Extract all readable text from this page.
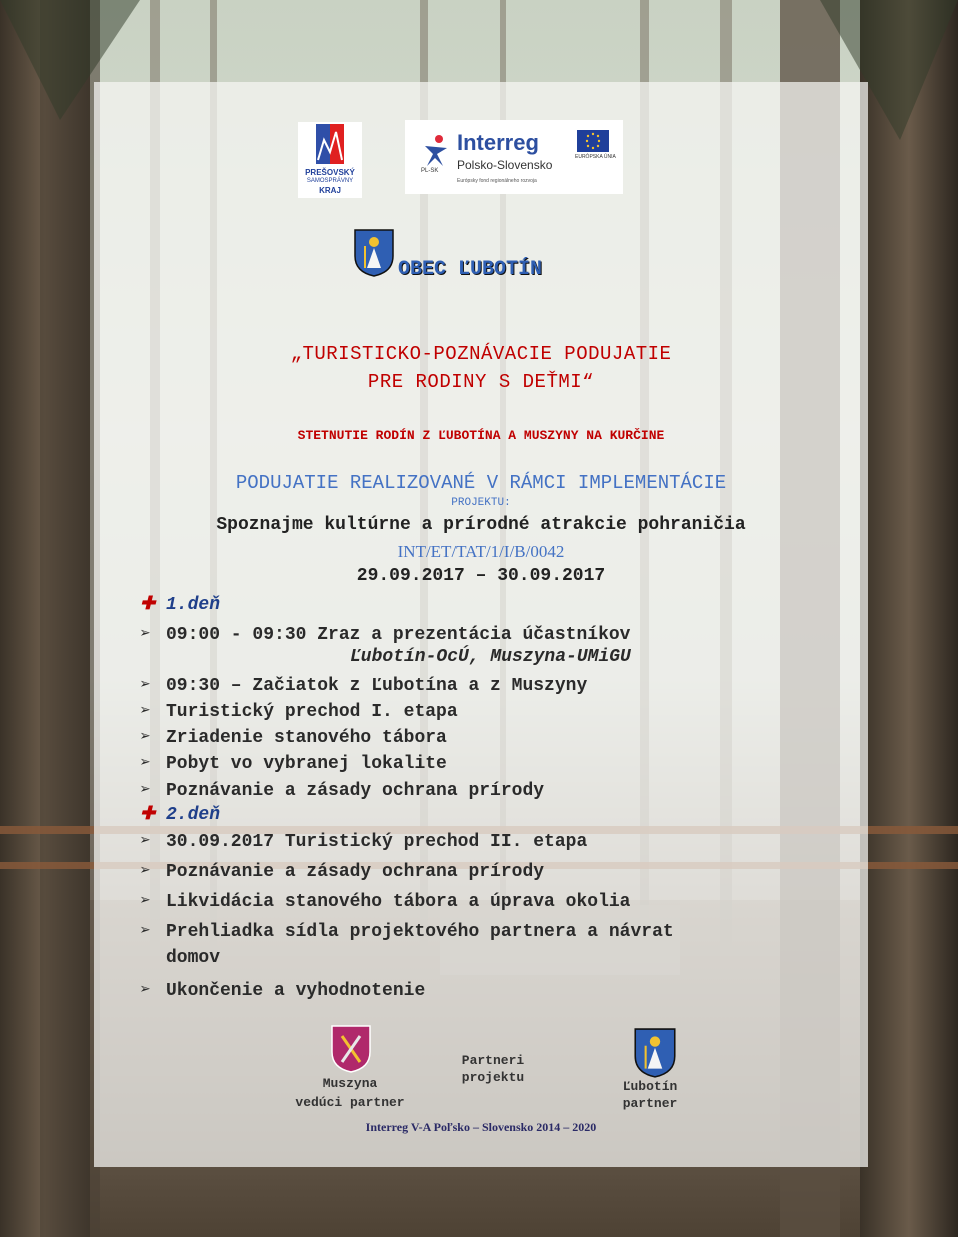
PREŠOVSKÝ
SAMOSPRÁVNY
KRAJ
PL-SK
Interreg
Polsko-Slovensko
Európsky fond regionálneho rozvoja
EURÓPSKA ÚNIA
OBEC ĽUBOTÍN
„TURISTICKO-POZNÁVACIE PODUJATIE
PRE RODINY S DEŤMI“
STETNUTIE RODÍN Z ĽUBOTÍNA A MUSZYNY NA KURČINE
PODUJATIE REALIZOVANÉ V RÁMCI IMPLEMENTÁCIE
PROJEKTU:
Spoznajme kultúrne a prírodné atrakcie pohraničia
INT/ET/TAT/1/I/B/0042
29.09.2017 – 30.09.2017
✚ 1.deň
➢ 09:00 - 09:30 Zraz a prezentácia účastníkov
Ľubotín-OcÚ, Muszyna-UMiGU
➢ 09:30 – Začiatok z Ľubotína a z Muszyny
➢ Turistický prechod I. etapa
➢ Zriadenie stanového tábora
➢ Pobyt vo vybranej lokalite
➢ Poznávanie a zásady ochrana prírody
✚ 2.deň
➢ 30.09.2017 Turistický prechod II. etapa
➢ Poznávanie a zásady ochrana prírody
➢ Likvidácia stanového tábora a úprava okolia
➢ Prehliadka sídla projektového partnera a návrat
domov
➢ Ukončenie a vyhodnotenie
Muszyna
vedúci partner
Partneri
projektu
Ľubotín
partner
Interreg V-A Poľsko – Slovensko 2014 – 2020
